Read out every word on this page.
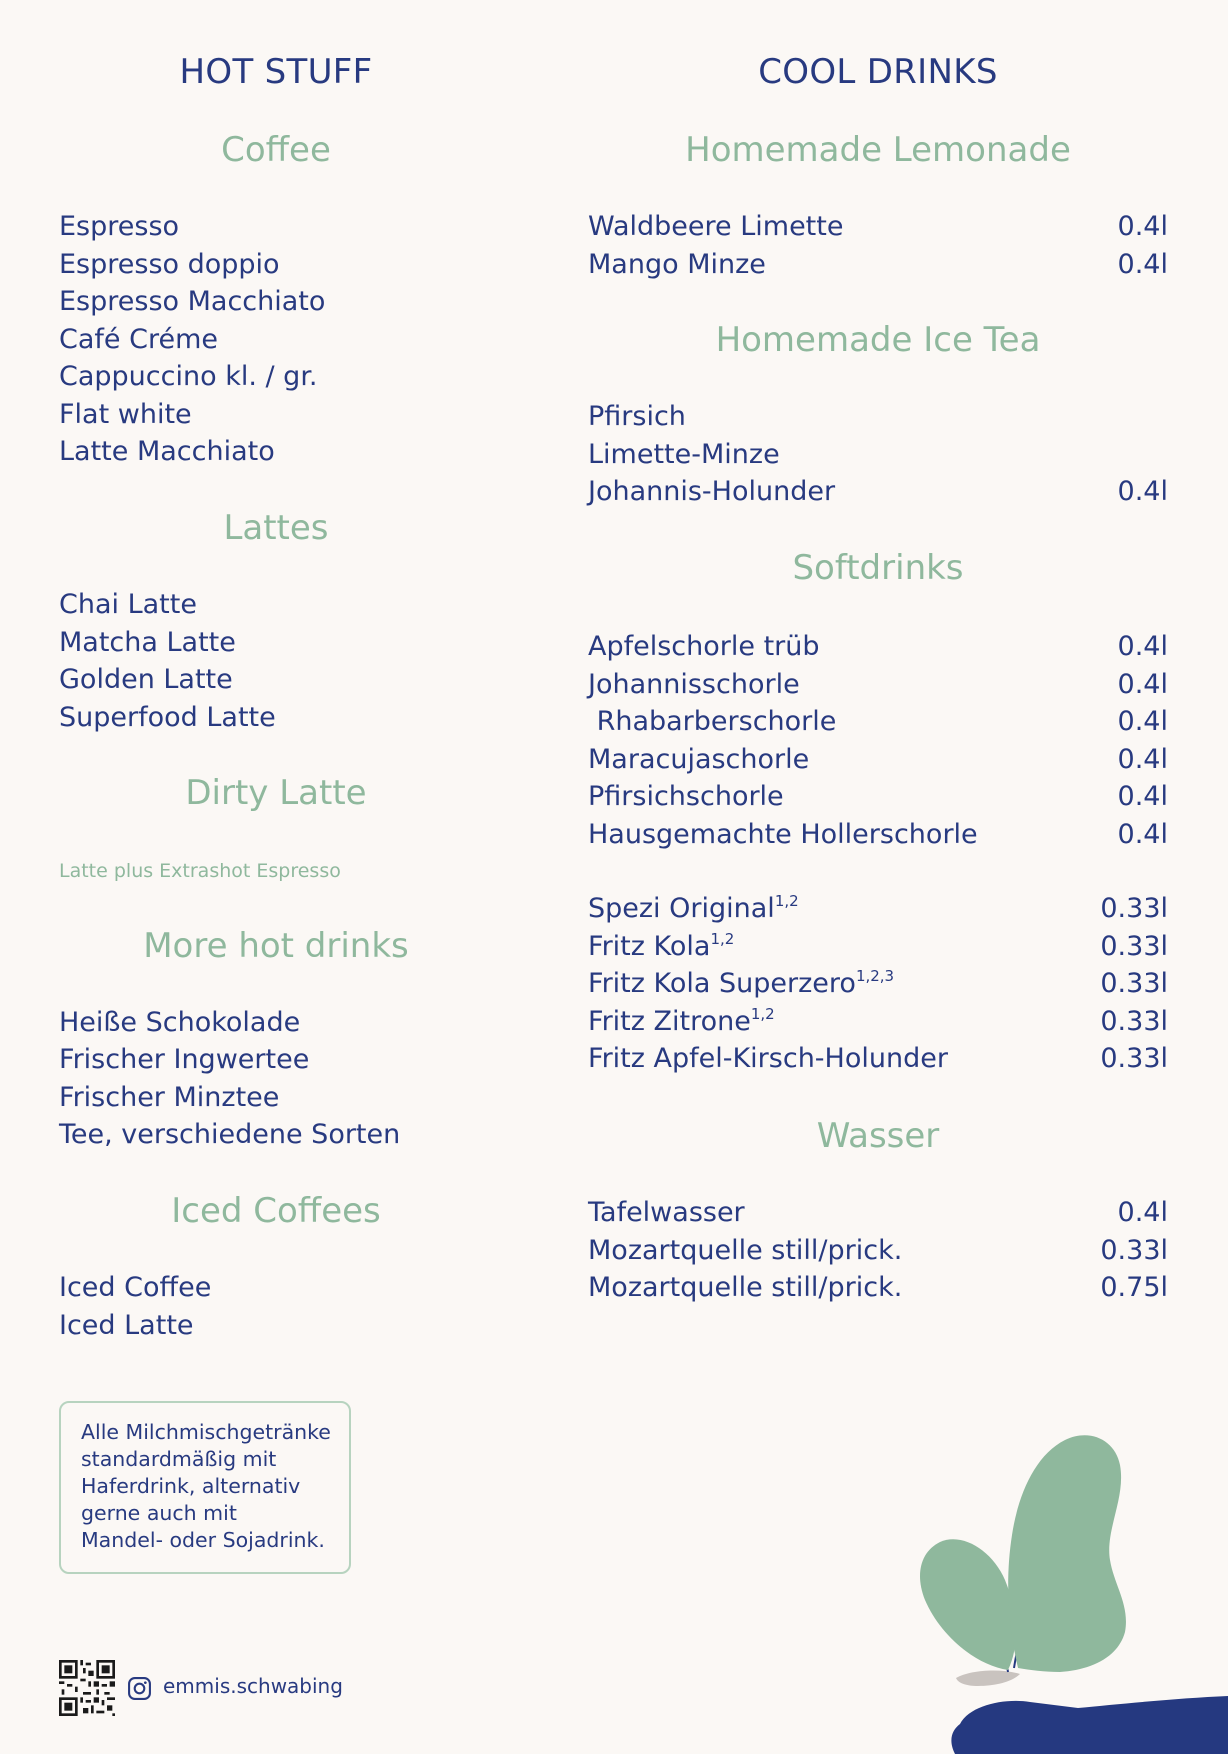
HOT STUFF
Coffee
Espresso
Espresso doppio
Espresso Macchiato
Café Créme
Cappuccino kl. / gr.
Flat white
Latte Macchiato
Lattes
Chai Latte
Matcha Latte
Golden Latte
Superfood Latte
Dirty Latte
Latte plus Extrashot Espresso
More hot drinks
Heiße Schokolade
Frischer Ingwertee
Frischer Minztee
Tee, verschiedene Sorten
Iced Coffees
Iced Coffee
Iced Latte
Alle Milchmischgetränke
standardmäßig mit
Haferdrink, alternativ
gerne auch mit
Mandel- oder Sojadrink.
COOL DRINKS
Homemade Lemonade
Waldbeere Limette	0.4l
Mango Minze	0.4l
Homemade Ice Tea
Pfirsich
Limette-Minze
Johannis-Holunder	0.4l
Softdrinks
Apfelschorle trüb	0.4l
Johannisschorle	0.4l
Rhabarberschorle	0.4l
Maracujaschorle	0.4l
Pfirsichschorle	0.4l
Hausgemachte Hollerschorle	0.4l
Spezi Original$^{1,2}$	0.33l
Fritz Kola$^{1,2}$	0.33l
Fritz Kola Superzero$^{1,2,3}$	0.33l
Fritz Zitrone$^{1,2}$	0.33l
Fritz Apfel-Kirsch-Holunder	0.33l
Wasser
Tafelwasser	0.4l
Mozartquelle still/prick.	0.33l
Mozartquelle still/prick.	0.75l
emmis.schwabing
